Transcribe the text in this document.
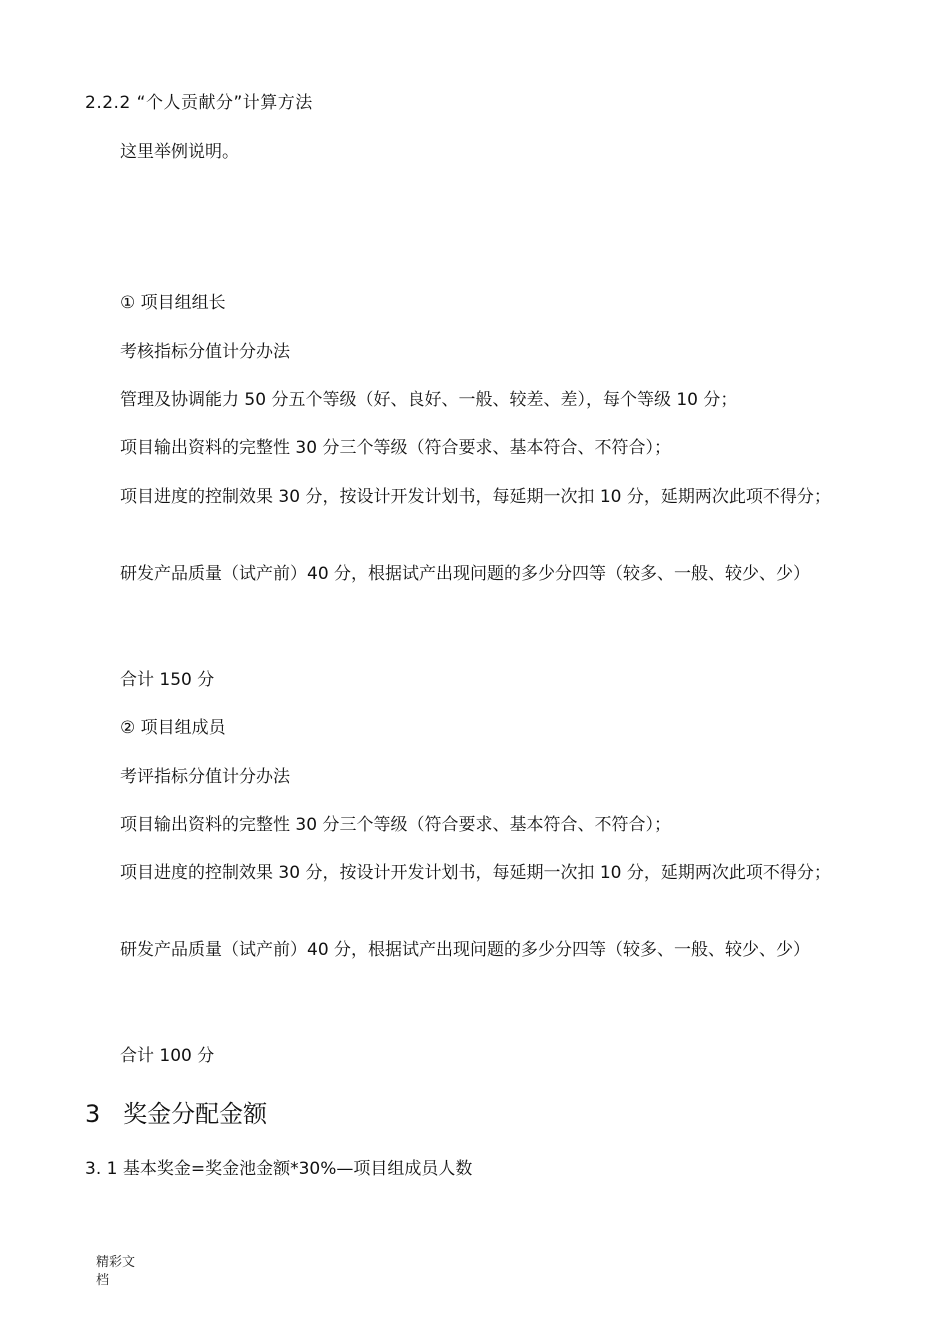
2.2.2 “个人贡献分”计算方法
这里举例说明。
① 项目组组长
考核指标分值计分办法
管理及协调能力 50 分五个等级（好、良好、一般、较差、差），每个等级 10 分；
项目输出资料的完整性 30 分三个等级（符合要求、基本符合、不符合）；
项目进度的控制效果 30 分，按设计开发计划书，每延期一次扣 10 分，延期两次此项不得分；
研发产品质量（试产前）40 分，根据试产出现问题的多少分四等（较多、一般、较少、少）
合计 150 分
② 项目组成员
考评指标分值计分办法
项目输出资料的完整性 30 分三个等级（符合要求、基本符合、不符合）；
项目进度的控制效果 30 分，按设计开发计划书，每延期一次扣 10 分，延期两次此项不得分；
研发产品质量（试产前）40 分，根据试产出现问题的多少分四等（较多、一般、较少、少）
合计 100 分
3   奖金分配金额
3. 1 基本奖金=奖金池金额*30%—项目组成员人数
精彩文档
